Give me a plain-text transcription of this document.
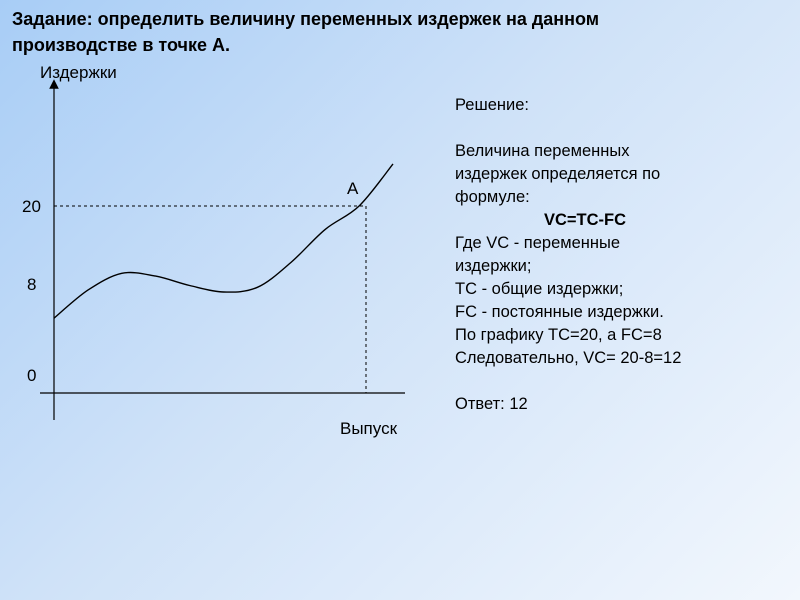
Задание: определить величину переменных издержек на данном производстве в точке А.

Издержки
Выпуск
А
20
8
0
Решение:
Величина переменных
издержек определяется по
формуле:
VC=TC-FC
Где VC - переменные
издержки;
TC - общие издержки;
FC - постоянные издержки.
По графику TC=20, а FC=8
Следовательно, VC= 20-8=12
Ответ: 12
